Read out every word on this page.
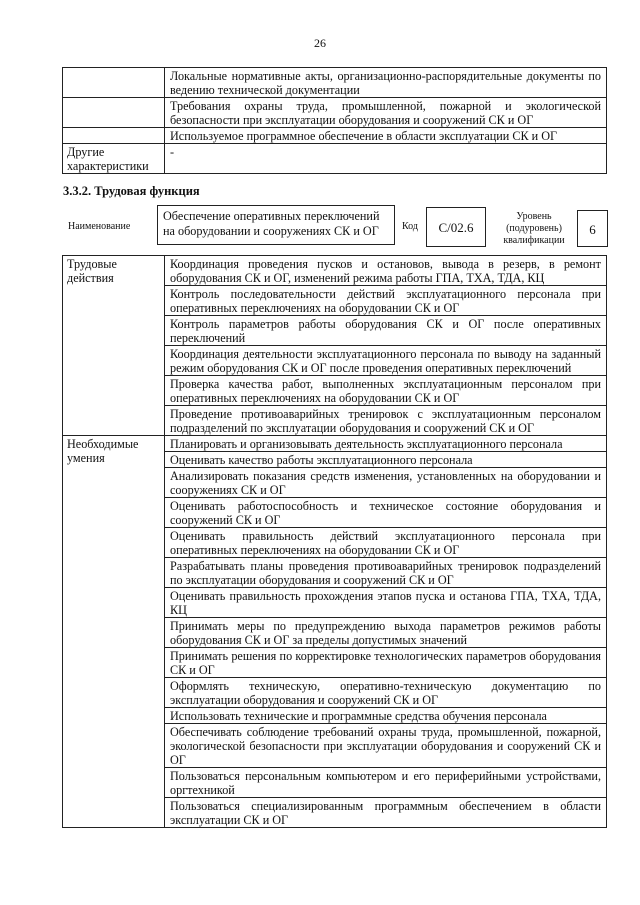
26
	Локальные нормативные акты, организационно-распорядительные документы по ведению технической документации
	Требования охраны труда, промышленной, пожарной и экологической безопасности при эксплуатации оборудования и сооружений СК и ОГ
	Используемое программное обеспечение в области эксплуатации СК и ОГ
Другие характеристики	-
3.3.2. Трудовая функция
Наименование
Обеспечение оперативных переключений на оборудовании и сооружениях СК и ОГ	Код	C/02.6
Уровень (подуровень) квалификации
6
Трудовые действия	Координация проведения пусков и остановов, вывода в резерв, в ремонт оборудования СК и ОГ, изменений режима работы ГПА, ТХА, ТДА, КЦ
	Контроль последовательности действий эксплуатационного персонала при оперативных переключениях на оборудовании СК и ОГ
	Контроль параметров работы оборудования СК и ОГ после оперативных переключений
	Координация деятельности эксплуатационного персонала по выводу на заданный режим оборудования СК и ОГ после проведения оперативных переключений
	Проверка качества работ, выполненных эксплуатационным персоналом при оперативных переключениях на оборудовании СК и ОГ
	Проведение противоаварийных тренировок с эксплуатационным персоналом подразделений по эксплуатации оборудования и сооружений СК и ОГ
Необходимые умения	Планировать и организовывать деятельность эксплуатационного персонала
	Оценивать качество работы эксплуатационного персонала
	Анализировать показания средств изменения, установленных на оборудовании и сооружениях СК и ОГ
	Оценивать работоспособность и техническое состояние оборудования и сооружений СК и ОГ
	Оценивать правильность действий эксплуатационного персонала при оперативных переключениях на оборудовании СК и ОГ
	Разрабатывать планы проведения противоаварийных тренировок подразделений по эксплуатации оборудования и сооружений СК и ОГ
	Оценивать правильность прохождения этапов пуска и останова ГПА, ТХА, ТДА, КЦ
	Принимать меры по предупреждению выхода параметров режимов работы оборудования СК и ОГ за пределы допустимых значений
	Принимать решения по корректировке технологических параметров оборудования СК и ОГ
	Оформлять техническую, оперативно-техническую документацию по эксплуатации оборудования и сооружений СК и ОГ
	Использовать технические и программные средства обучения персонала
	Обеспечивать соблюдение требований охраны труда, промышленной, пожарной, экологической безопасности при эксплуатации оборудования и сооружений СК и ОГ
	Пользоваться персональным компьютером и его периферийными устройствами, оргтехникой
	Пользоваться специализированным программным обеспечением в области эксплуатации СК и ОГ
